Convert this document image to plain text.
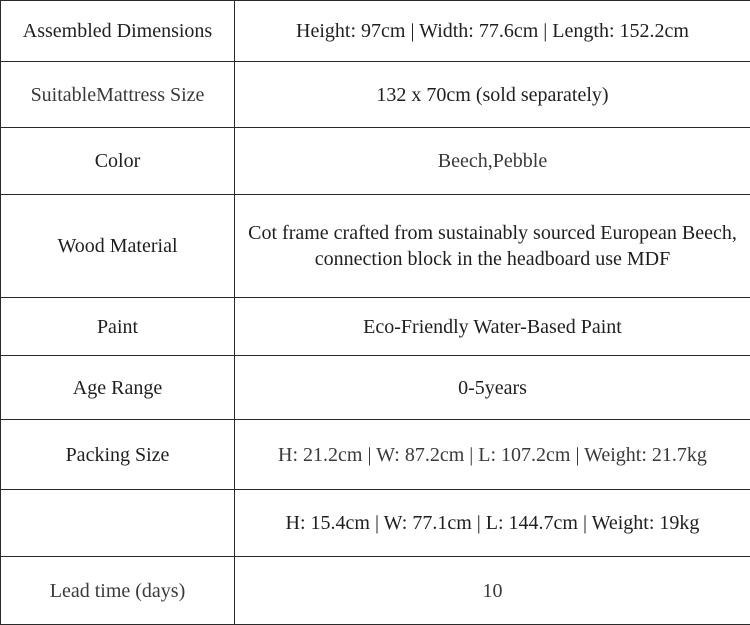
Assembled Dimensions	Height: 97cm | Width: 77.6cm | Length: 152.2cm
SuitableMattress Size	132 x 70cm (sold separately)
Color	Beech,Pebble
Wood Material	Cot frame crafted from sustainably sourced European Beech, connection block in the headboard use MDF
Paint	Eco-Friendly Water-Based Paint
Age Range	0-5years
Packing Size	H: 21.2cm | W: 87.2cm | L: 107.2cm | Weight: 21.7kg
	H: 15.4cm | W: 77.1cm | L: 144.7cm | Weight: 19kg
Lead time (days)	10
